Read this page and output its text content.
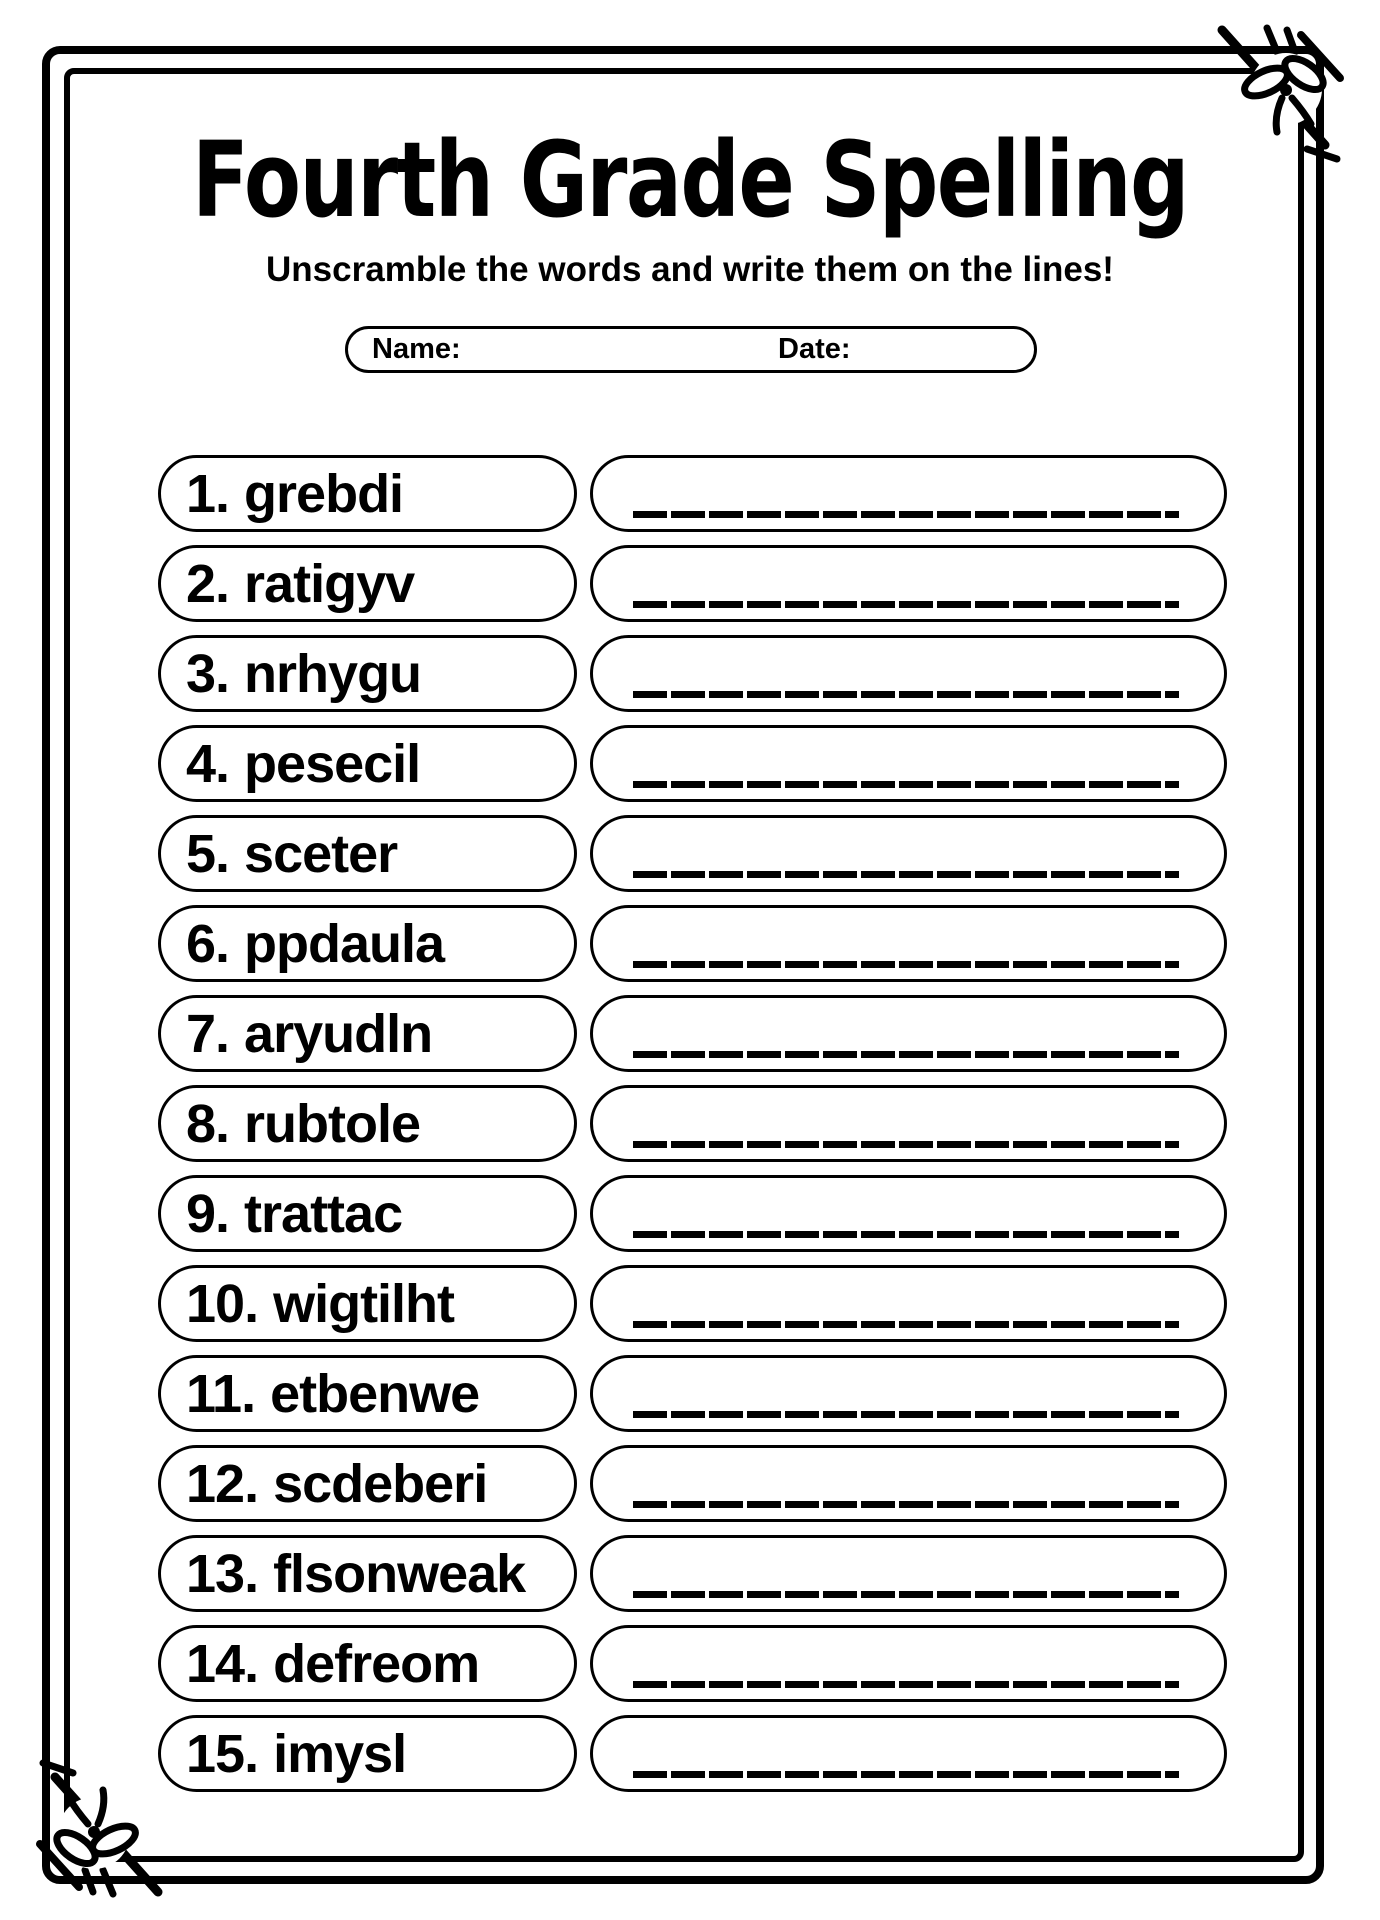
Fourth Grade Spelling
Unscramble the words and write them on the lines!
Name:	Date:
1. grebdi
2. ratigyv
3. nrhygu
4. pesecil
5. sceter
6. ppdaula
7. aryudln
8. rubtole
9. trattac
10. wigtilht
11. etbenwe
12. scdeberi
13. flsonweak
14. defreom
15. imysl
